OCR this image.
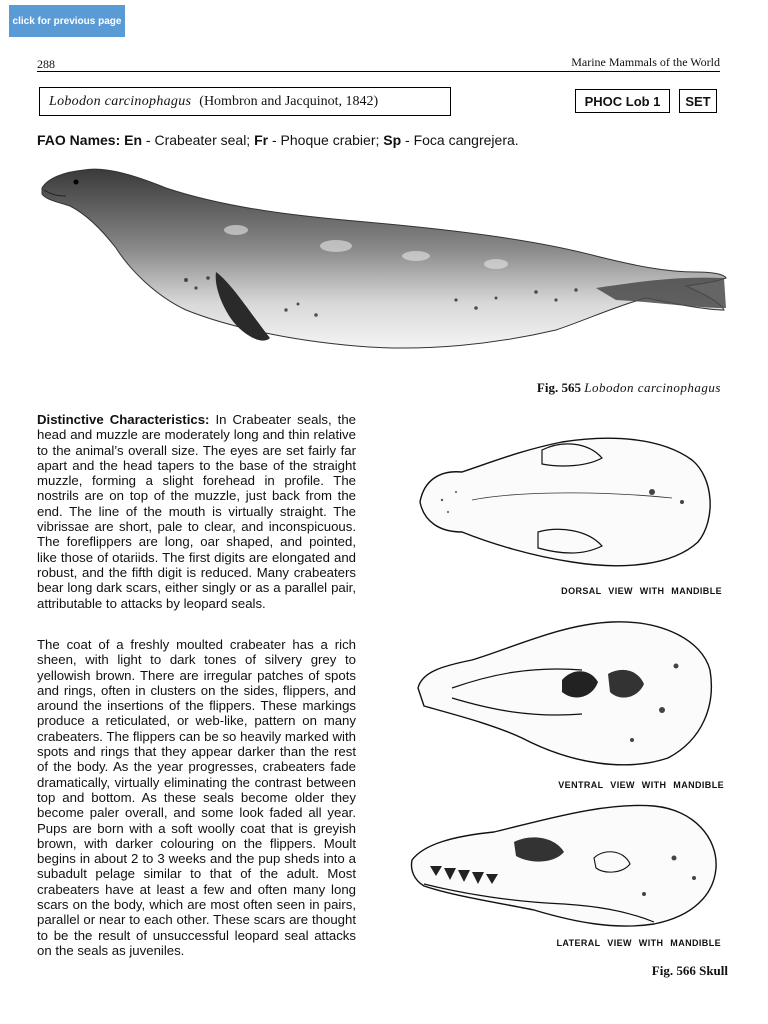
click for previous page
288	Marine Mammals of the World
Lobodon carcinophagus (Hombron and Jacquinot, 1842)	PHOC Lob 1	SET
FAO Names: En - Crabeater seal; Fr - Phoque crabier; Sp - Foca cangrejera.
Fig. 565 Lobodon carcinophagus

Distinctive Characteristics: In Crabeater seals, the head and muzzle are moderately long and thin relative to the animal’s overall size. The eyes are set fairly far apart and the head tapers to the base of the straight muzzle, forming a slight forehead in profile. The nostrils are on top of the muzzle, just back from the end. The line of the mouth is virtually straight. The vibrissae are short, pale to clear, and inconspicuous. The foreflippers are long, oar shaped, and pointed, like those of otariids. The first digits are elongated and robust, and the fifth digit is reduced. Many crabeaters bear long dark scars, either singly or as a parallel pair, attributable to attacks by leopard seals.

The coat of a freshly moulted crabeater has a rich sheen, with light to dark tones of silvery grey to yellowish brown. There are irregular patches of spots and rings, often in clusters on the sides, flippers, and around the insertions of the flippers. These markings produce a reticulated, or web-like, pattern on many crabeaters. The flippers can be so heavily marked with spots and rings that they appear darker than the rest of the body. As the year progresses, crabeaters fade dramatically, virtually eliminating the contrast between top and bottom. As these seals become older they become paler overall, and some look faded all year. Pups are born with a soft woolly coat that is greyish brown, with darker colouring on the flippers. Moult begins in about 2 to 3 weeks and the pup sheds into a subadult pelage similar to that of the adult. Most crabeaters have at least a few and often many long scars on the body, which are most often seen in pairs, parallel or near to each other. These scars are thought to be the result of unsuccessful leopard seal attacks on the seals as juveniles.

DORSAL VIEW WITH MANDIBLE
VENTRAL VIEW WITH MANDIBLE
LATERAL VIEW WITH MANDIBLE
Fig. 566 Skull
